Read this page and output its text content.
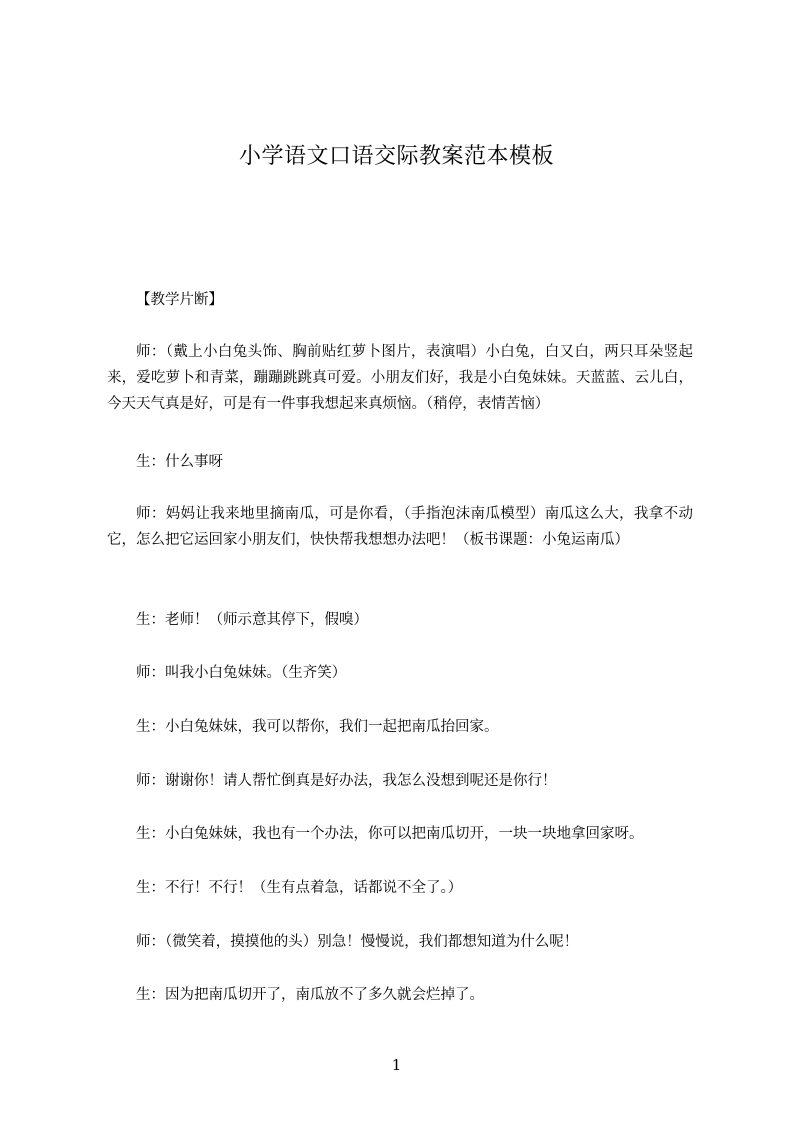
小学语文口语交际教案范本模板

【教学片断】

师：（戴上小白兔头饰、胸前贴红萝卜图片，表演唱）小白兔，白又白，两只耳朵竖起来，爱吃萝卜和青菜，蹦蹦跳跳真可爱。小朋友们好，我是小白兔妹妹。天蓝蓝、云儿白，今天天气真是好，可是有一件事我想起来真烦恼。（稍停，表情苦恼）

生：什么事呀

师：妈妈让我来地里摘南瓜，可是你看，（手指泡沫南瓜模型）南瓜这么大，我拿不动它，怎么把它运回家小朋友们，快快帮我想想办法吧！（板书课题：小兔运南瓜）

生：老师！（师示意其停下，假嗅）

师：叫我小白兔妹妹。（生齐笑）

生：小白兔妹妹，我可以帮你，我们一起把南瓜抬回家。

师：谢谢你！请人帮忙倒真是好办法，我怎么没想到呢还是你行！

生：小白兔妹妹，我也有一个办法，你可以把南瓜切开，一块一块地拿回家呀。

生：不行！不行！（生有点着急，话都说不全了。）

师：（微笑着，摸摸他的头）别急！慢慢说，我们都想知道为什么呢！

生：因为把南瓜切开了，南瓜放不了多久就会烂掉了。

1
